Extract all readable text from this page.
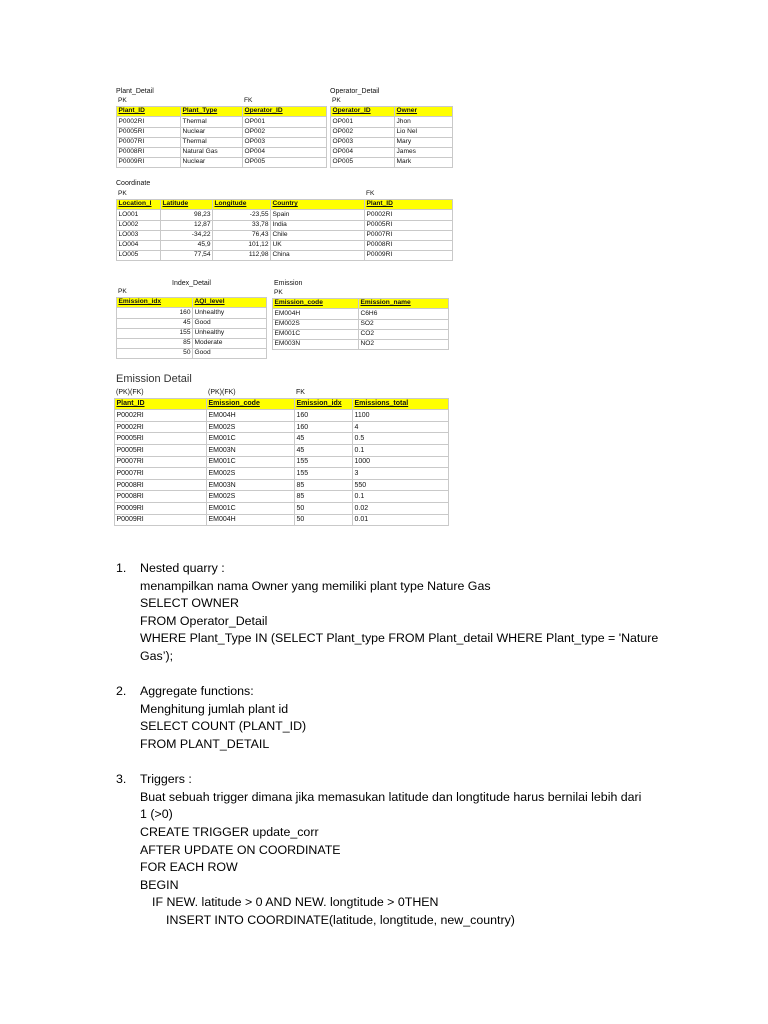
Plant_Detail
PK		FK
Plant_ID	Plant_Type	Operator_ID
P0002RI	Thermal	OP001
P0005RI	Nuclear	OP002
P0007RI	Thermal	OP003
P0008RI	Natural Gas	OP004
P0009RI	Nuclear	OP005
Operator_Detail
PK	
Operator_ID	Owner
OP001	Jhon
OP002	Lio Nel
OP003	Mary
OP004	James
OP005	Mark
Coordinate
PK				FK
Location_I	Latitude	Longitude	Country	Plant_ID
LO001	98,23	-23,55	Spain	P0002RI
LO002	12,87	33,78	India	P0005RI
LO003	-34,22	76,43	Chile	P0007RI
LO004	45,9	101,12	UK	P0008RI
LO005	77,54	112,98	China	P0009RI
Index_Detail
PK	
Emission_idx	AQI_level
160	Unhealthy
45	Good
155	Unhealthy
85	Moderate
50	Good
Emission
PK	
Emission_code	Emission_name
EM004H	C6H6
EM002S	SO2
EM001C	CO2
EM003N	NO2
Emission Detail
(PK)(FK)	(PK)(FK)	FK	
Plant_ID	Emission_code	Emission_idx	Emissions_total
P0002RI	EM004H	160	1100
P0002RI	EM002S	160	4
P0005RI	EM001C	45	0.5
P0005RI	EM003N	45	0.1
P0007RI	EM001C	155	1000
P0007RI	EM002S	155	3
P0008RI	EM003N	85	550
P0008RI	EM002S	85	0.1
P0009RI	EM001C	50	0.02
P0009RI	EM004H	50	0.01
1. Nested quarry :
menampilkan nama Owner yang memiliki plant type Nature Gas
SELECT OWNER
FROM Operator_Detail
WHERE Plant_Type IN (SELECT Plant_type FROM Plant_detail WHERE Plant_type = 'Nature
Gas’);
2. Aggregate functions:
Menghitung jumlah plant id
SELECT COUNT (PLANT_ID)
FROM PLANT_DETAIL
3. Triggers :
Buat sebuah trigger dimana jika memasukan latitude dan longtitude harus bernilai lebih dari
1 (>0)
CREATE TRIGGER update_corr
AFTER UPDATE ON COORDINATE
FOR EACH ROW
BEGIN
IF NEW. latitude > 0 AND NEW. longtitude > 0THEN
INSERT INTO COORDINATE(latitude, longtitude, new_country)
